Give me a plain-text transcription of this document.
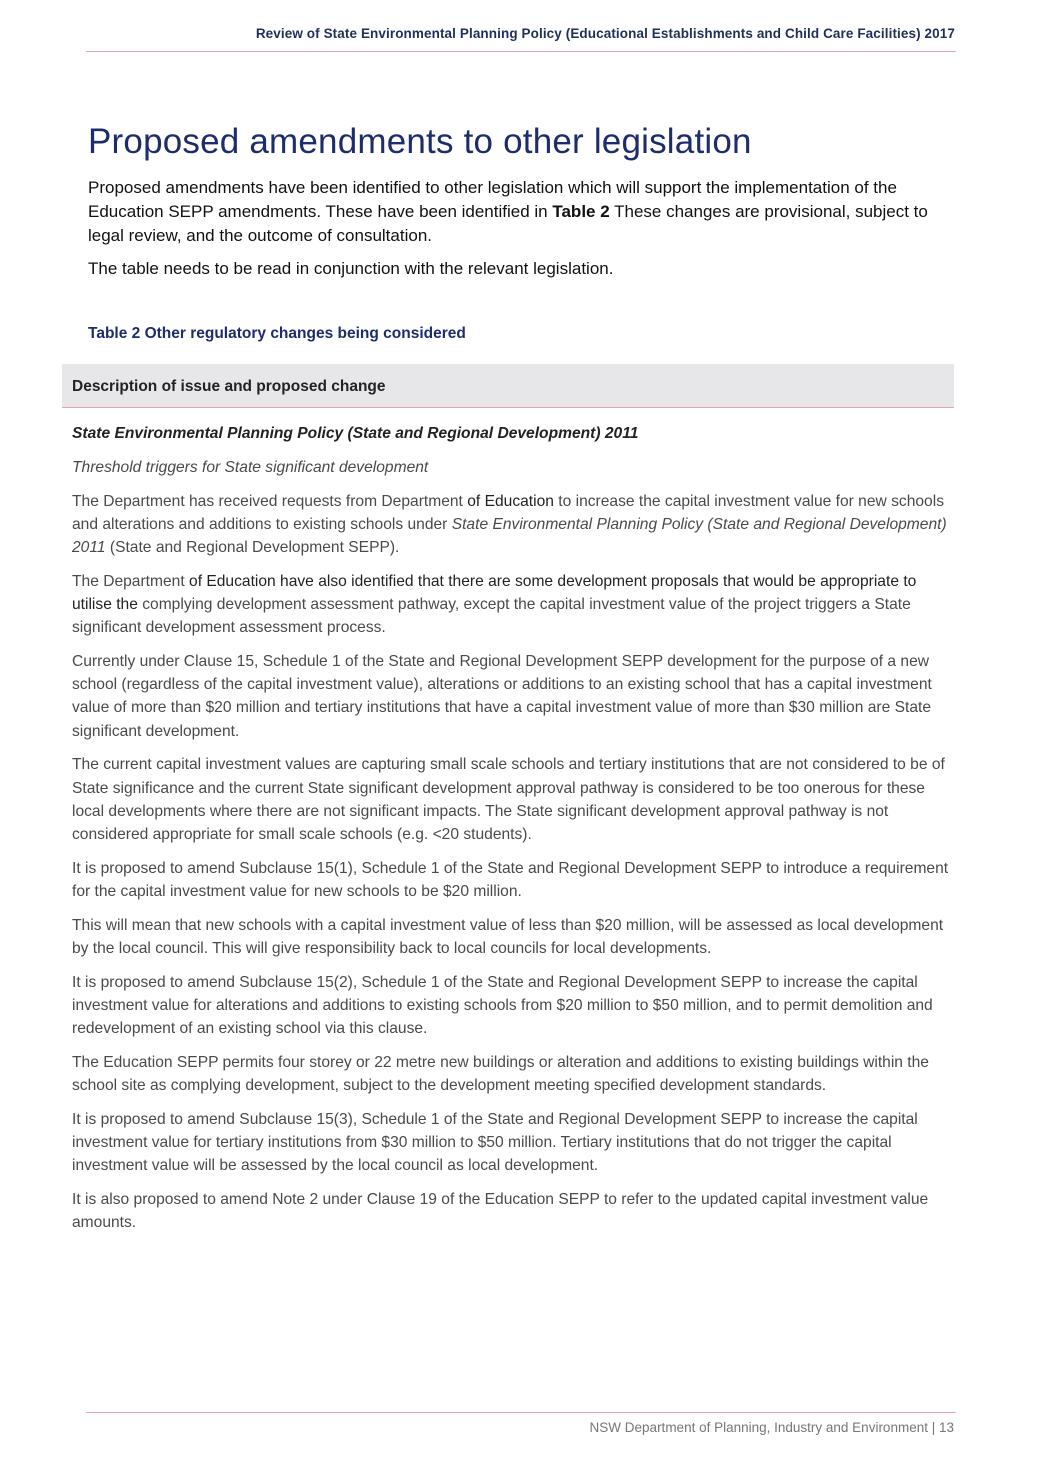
Review of State Environmental Planning Policy (Educational Establishments and Child Care Facilities) 2017
Proposed amendments to other legislation

Proposed amendments have been identified to other legislation which will support the implementation of the Education SEPP amendments. These have been identified in Table 2 These changes are provisional, subject to legal review, and the outcome of consultation.

The table needs to be read in conjunction with the relevant legislation.

Table 2 Other regulatory changes being considered
Description of issue and proposed change

State Environmental Planning Policy (State and Regional Development) 2011

Threshold triggers for State significant development

The Department has received requests from Department of Education to increase the capital investment value for new schools and alterations and additions to existing schools under State Environmental Planning Policy (State and Regional Development) 2011 (State and Regional Development SEPP).

The Department of Education have also identified that there are some development proposals that would be appropriate to utilise the complying development assessment pathway, except the capital investment value of the project triggers a State significant development assessment process.

Currently under Clause 15, Schedule 1 of the State and Regional Development SEPP development for the purpose of a new school (regardless of the capital investment value), alterations or additions to an existing school that has a capital investment value of more than $20 million and tertiary institutions that have a capital investment value of more than $30 million are State significant development.

The current capital investment values are capturing small scale schools and tertiary institutions that are not considered to be of State significance and the current State significant development approval pathway is considered to be too onerous for these local developments where there are not significant impacts. The State significant development approval pathway is not considered appropriate for small scale schools (e.g. <20 students).

It is proposed to amend Subclause 15(1), Schedule 1 of the State and Regional Development SEPP to introduce a requirement for the capital investment value for new schools to be $20 million.

This will mean that new schools with a capital investment value of less than $20 million, will be assessed as local development by the local council. This will give responsibility back to local councils for local developments.

It is proposed to amend Subclause 15(2), Schedule 1 of the State and Regional Development SEPP to increase the capital investment value for alterations and additions to existing schools from $20 million to $50 million, and to permit demolition and redevelopment of an existing school via this clause.

The Education SEPP permits four storey or 22 metre new buildings or alteration and additions to existing buildings within the school site as complying development, subject to the development meeting specified development standards.

It is proposed to amend Subclause 15(3), Schedule 1 of the State and Regional Development SEPP to increase the capital investment value for tertiary institutions from $30 million to $50 million. Tertiary institutions that do not trigger the capital investment value will be assessed by the local council as local development.

It is also proposed to amend Note 2 under Clause 19 of the Education SEPP to refer to the updated capital investment value amounts.

NSW Department of Planning, Industry and Environment | 13
